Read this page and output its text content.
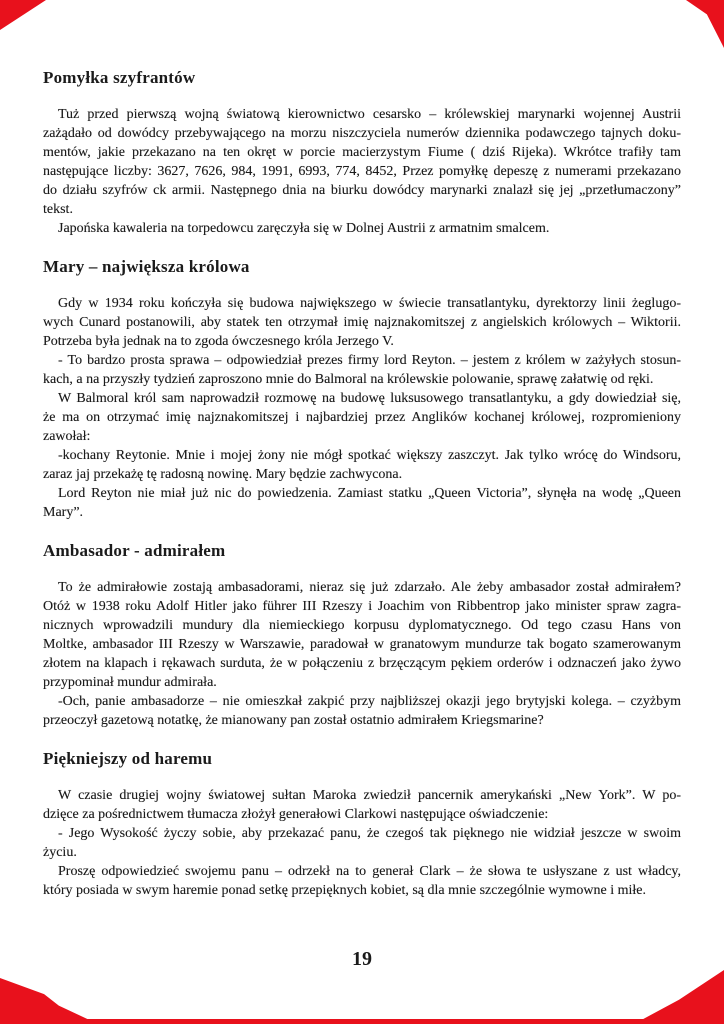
Pomyłka szyfrantów
Tuż przed pierwszą wojną światową kierownictwo cesarsko – królewskiej marynarki wojennej Austrii
zażądało od dowódcy przebywającego na morzu niszczyciela numerów dziennika podawczego tajnych doku-
mentów, jakie przekazano na ten okręt w porcie macierzystym Fiume ( dziś Rijeka). Wkrótce trafiły tam
następujące liczby: 3627, 7626, 984, 1991, 6993, 774, 8452, Przez pomyłkę depeszę z numerami przekazano
do działu szyfrów ck armii. Następnego dnia na biurku dowódcy marynarki znalazł się jej „przetłumaczony”
tekst.
Japońska kawaleria na torpedowcu zaręczyła się w Dolnej Austrii z armatnim smalcem.
Mary – największa królowa
Gdy w 1934 roku kończyła się budowa największego w świecie transatlantyku, dyrektorzy linii żeglugo-
wych Cunard postanowili, aby statek ten otrzymał imię najznakomitszej z angielskich królowych – Wiktorii.
Potrzeba była jednak na to zgoda ówczesnego króla Jerzego V.
- To bardzo prosta sprawa – odpowiedział prezes firmy lord Reyton. – jestem z królem w zażyłych stosun-
kach, a na przyszły tydzień zaproszono mnie do Balmoral na królewskie polowanie, sprawę załatwię od ręki.
W Balmoral król sam naprowadził rozmowę na budowę luksusowego transatlantyku, a gdy dowiedział się,
że ma on otrzymać imię najznakomitszej i najbardziej przez Anglików kochanej królowej, rozpromieniony
zawołał:
-kochany Reytonie. Mnie i mojej żony nie mógł spotkać większy zaszczyt. Jak tylko wrócę do Windsoru,
zaraz jaj przekażę tę radosną nowinę. Mary będzie zachwycona.
Lord Reyton nie miał już nic do powiedzenia. Zamiast statku „Queen Victoria”, słynęła na wodę „Queen
Mary”.
Ambasador - admirałem
To że admirałowie zostają ambasadorami, nieraz się już zdarzało. Ale żeby ambasador został admirałem?
Otóż w 1938 roku Adolf Hitler jako führer III Rzeszy i Joachim von Ribbentrop jako minister spraw zagra-
nicznych wprowadzili mundury dla niemieckiego korpusu dyplomatycznego. Od tego czasu Hans von
Moltke, ambasador III Rzeszy w Warszawie, paradował w granatowym mundurze tak bogato szamerowanym
złotem na klapach i rękawach surduta, że w połączeniu z brzęczącym pękiem orderów i odznaczeń jako żywo
przypominał mundur admirała.
-Och, panie ambasadorze – nie omieszkał zakpić przy najbliższej okazji jego brytyjski kolega. – czyżbym
przeoczył gazetową notatkę, że mianowany pan został ostatnio admirałem Kriegsmarine?
Piękniejszy od haremu
W czasie drugiej wojny światowej sułtan Maroka zwiedził pancernik amerykański „New York”. W po-
dzięce za pośrednictwem tłumacza złożył generałowi Clarkowi następujące oświadczenie:
- Jego Wysokość życzy sobie, aby przekazać panu, że czegoś tak pięknego nie widział jeszcze w swoim
życiu.
Proszę odpowiedzieć swojemu panu – odrzekł na to generał Clark – że słowa te usłyszane z ust władcy,
który posiada w swym haremie ponad setkę przepięknych kobiet, są dla mnie szczególnie wymowne i miłe.
19
